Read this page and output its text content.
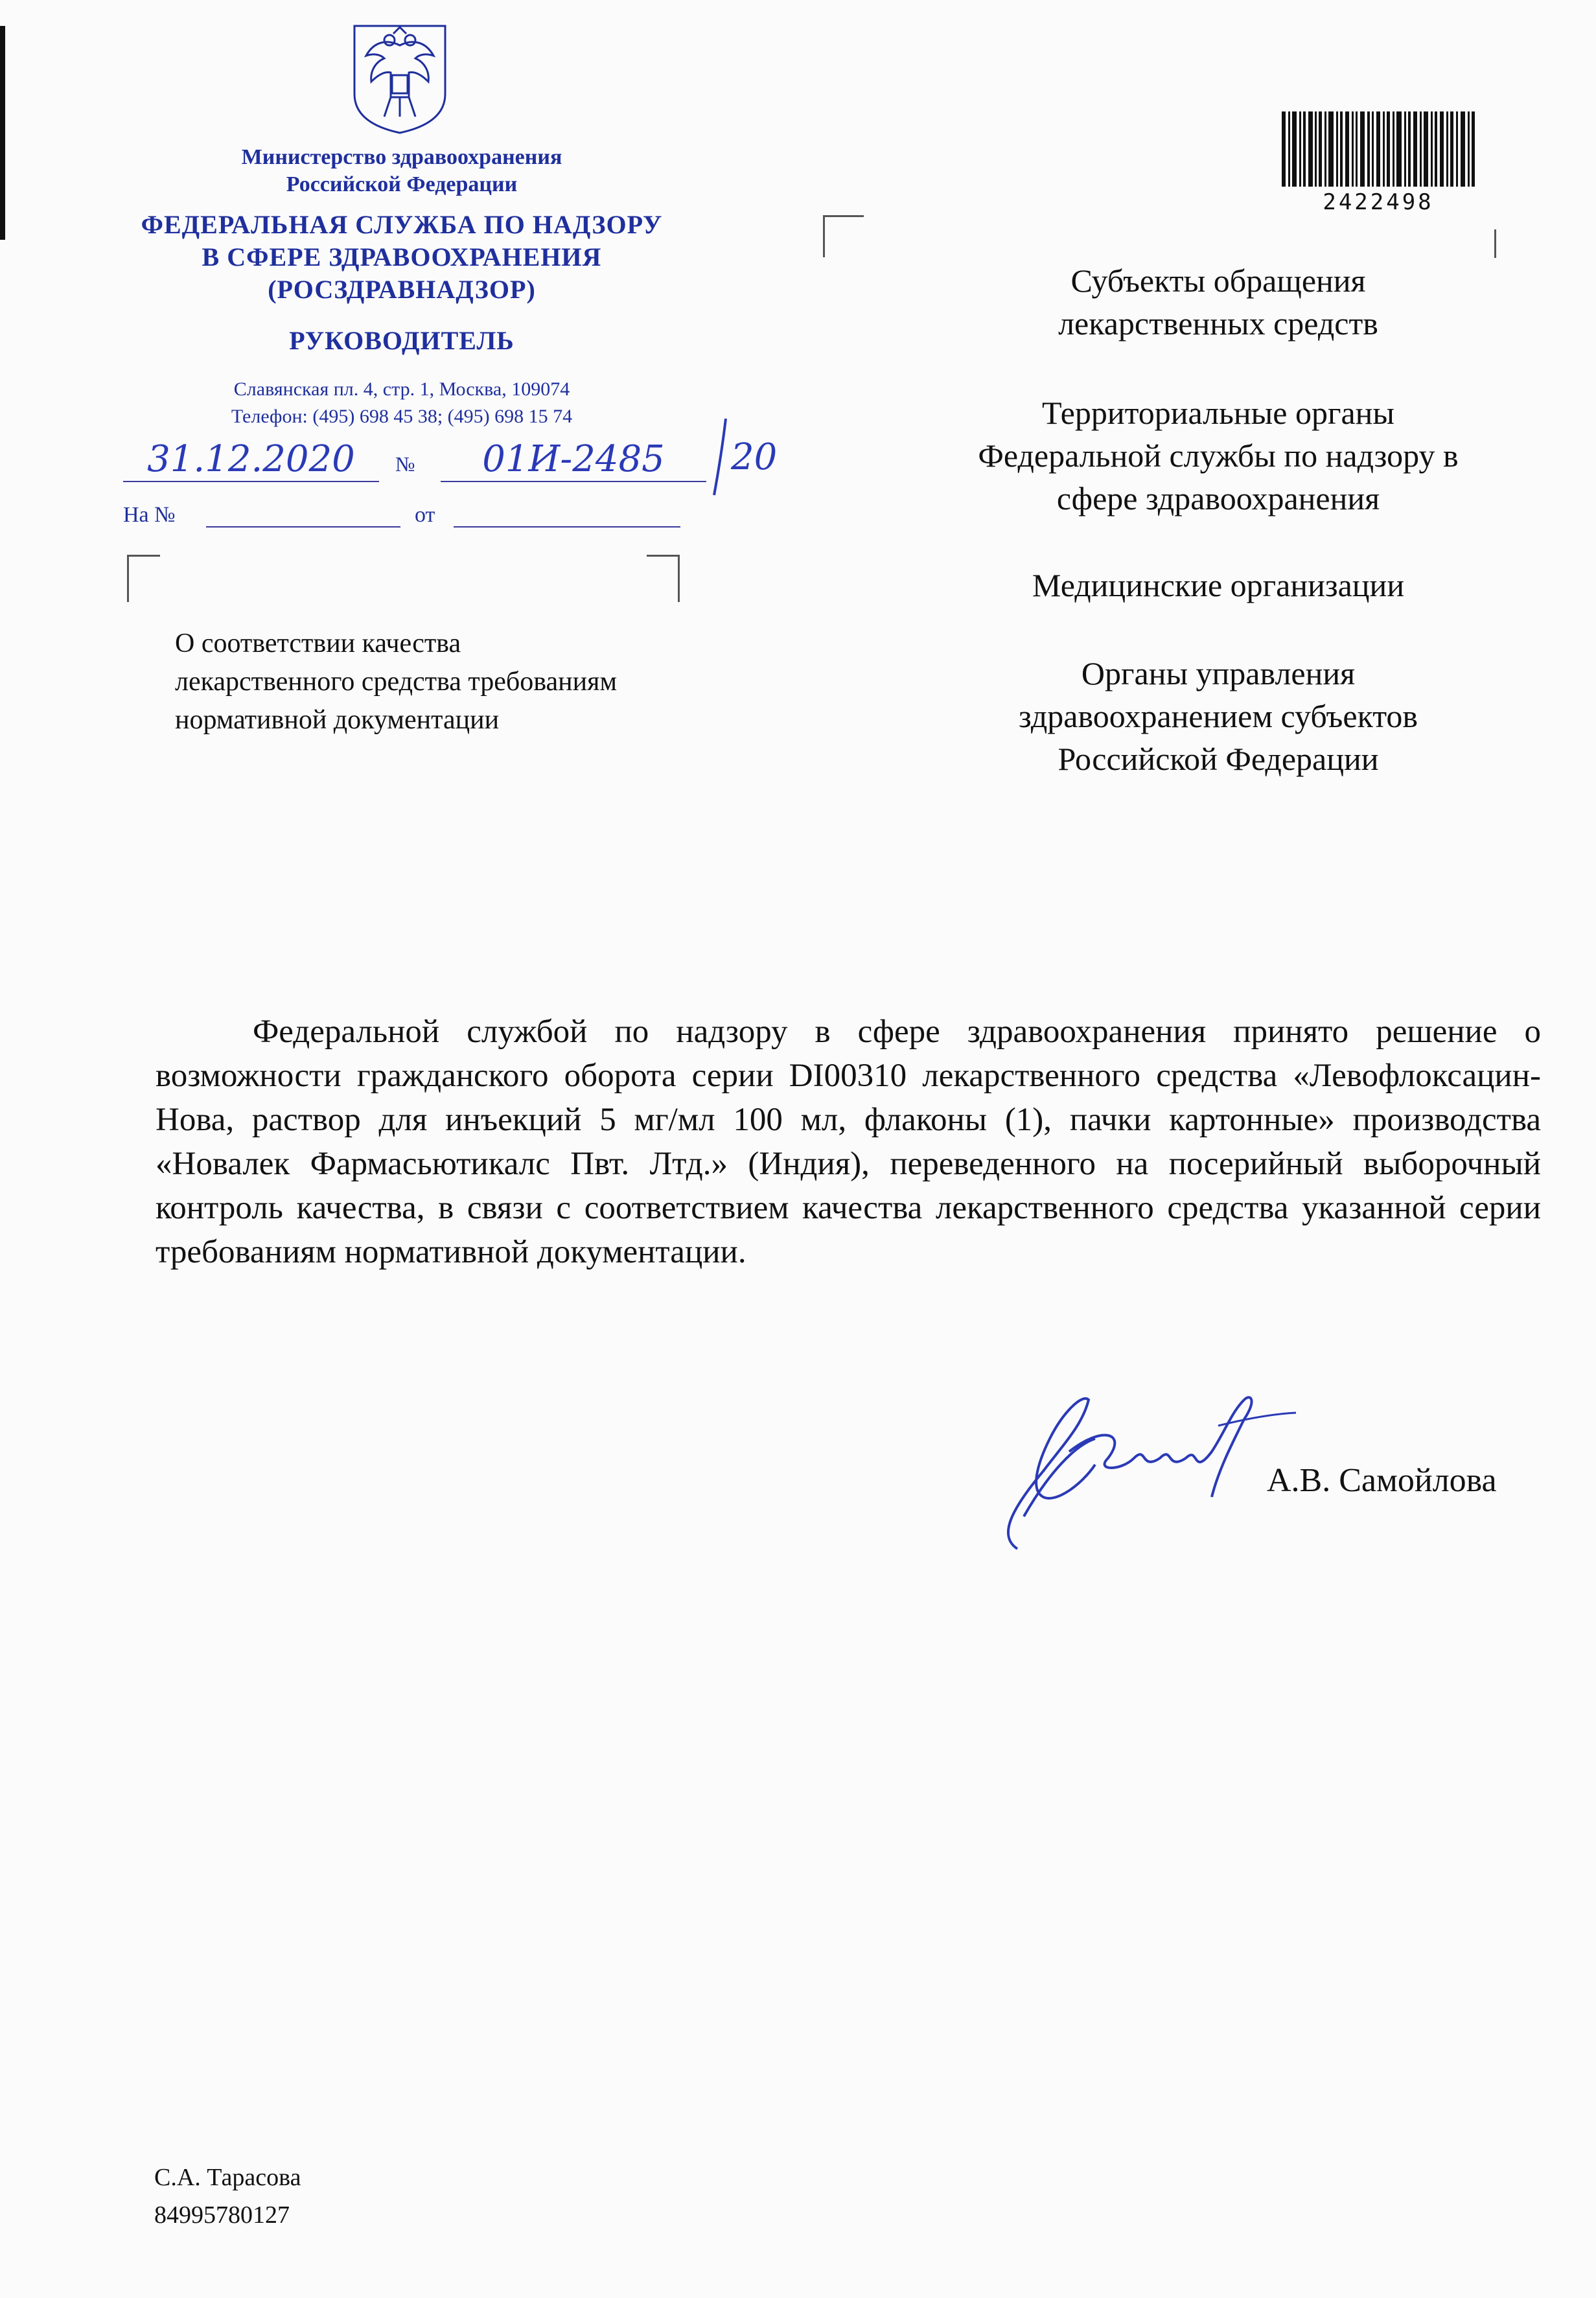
Министерство здравоохранения
Российской Федерации
ФЕДЕРАЛЬНАЯ СЛУЖБА ПО НАДЗОРУ
В СФЕРЕ ЗДРАВООХРАНЕНИЯ
(РОСЗДРАВНАДЗОР)
РУКОВОДИТЕЛЬ
Славянская пл. 4, стр. 1, Москва, 109074
Телефон: (495) 698 45 38; (495) 698 15 74
31.12.2020	№	01И-2485	20
На №	от
О соответствии качества
лекарственного средства требованиям
нормативной документации
2422498
Субъекты обращения
лекарственных средств
Территориальные органы
Федеральной службы по надзору в
сфере здравоохранения
Медицинские организации
Органы управления
здравоохранением субъектов
Российской Федерации
Федеральной службой по надзору в сфере здравоохранения принято решение о возможности гражданского оборота серии DI00310 лекарственного средства «Левофлоксацин-Нова, раствор для инъекций 5 мг/мл 100 мл, флаконы (1), пачки картонные» производства «Новалек Фармасьютикалс Пвт. Лтд.» (Индия), переведенного на посерийный выборочный контроль качества, в связи с соответствием качества лекарственного средства указанной серии требованиям нормативной документации.
А.В. Самойлова
С.А. Тарасова
84995780127
